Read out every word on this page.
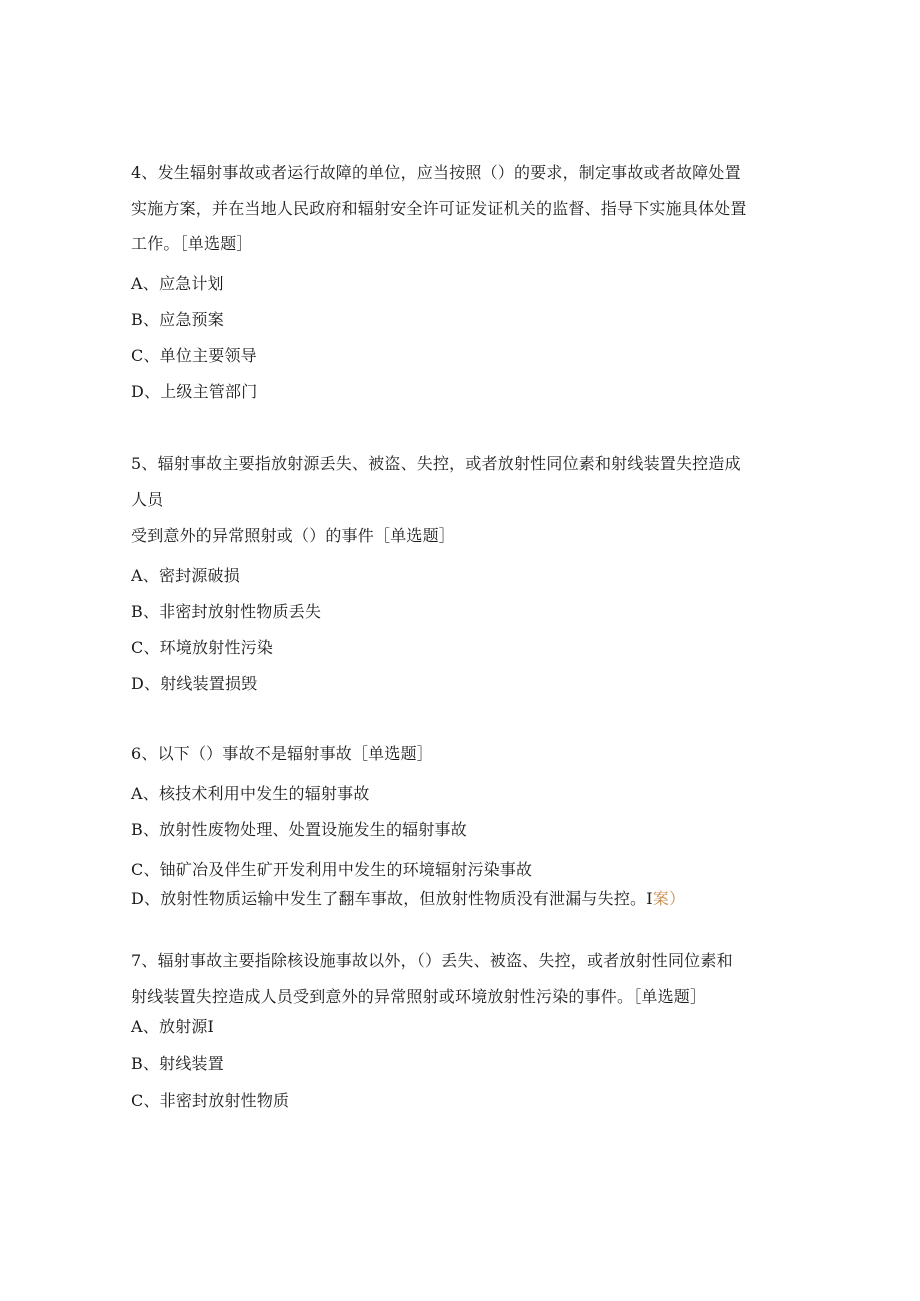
4、发生辐射事故或者运行故障的单位，应当按照（）的要求，制定事故或者故障处置
实施方案，并在当地人民政府和辐射安全许可证发证机关的监督、指导下实施具体处置
工作。［单选题］
A、应急计划
B、应急预案
C、单位主要领导
D、上级主管部门
5、辐射事故主要指放射源丢失、被盗、失控，或者放射性同位素和射线装置失控造成
人员
受到意外的异常照射或（）的事件［单选题］
A、密封源破损
B、非密封放射性物质丢失
C、环境放射性污染
D、射线装置损毁
6、以下（）事故不是辐射事故［单选题］
A、核技术利用中发生的辐射事故
B、放射性废物处理、处置设施发生的辐射事故
C、铀矿冶及伴生矿开发利用中发生的环境辐射污染事故
D、放射性物质运输中发生了翻车事故，但放射性物质没有泄漏与失控。I案）
7、辐射事故主要指除核设施事故以外，（）丢失、被盗、失控，或者放射性同位素和
射线装置失控造成人员受到意外的异常照射或环境放射性污染的事件。［单选题］
A、放射源I
B、射线装置
C、非密封放射性物质
